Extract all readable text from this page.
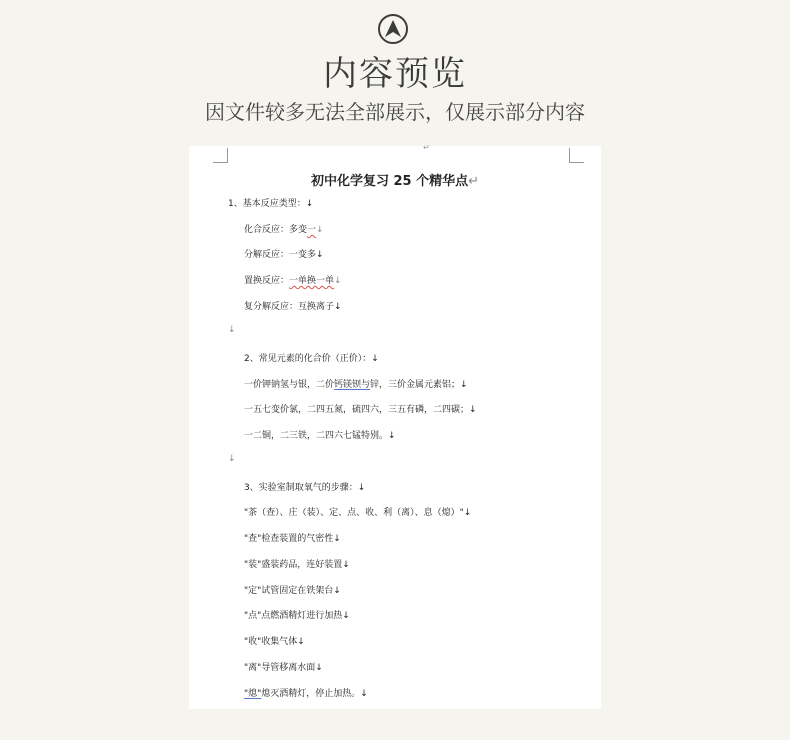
内容预览
因文件较多无法全部展示，仅展示部分内容
↵
初中化学复习 25 个精华点↵
1、基本反应类型：↓
化合反应：多变一↓
分解反应：一变多↓
置换反应：一单换一单↓
复分解反应：互换离子↓
↓
2、常见元素的化合价（正价）：↓
一价钾钠氢与银，二价钙镁钡与锌，三价金属元素铝；↓
一五七变价氯，二四五氮，硫四六，三五有磷，二四碳；↓
一二铜，二三铁，二四六七锰特别。↓
↓
3、实验室制取氧气的步骤：↓
"茶（查）、庄（装）、定、点、收、利（离）、息（熄）"↓
"查"检查装置的气密性↓
"装"盛装药品，连好装置↓
"定"试管固定在铁架台↓
"点"点燃酒精灯进行加热↓
"收"收集气体↓
"离"导管移离水面↓
"熄"熄灭酒精灯，停止加热。↓
